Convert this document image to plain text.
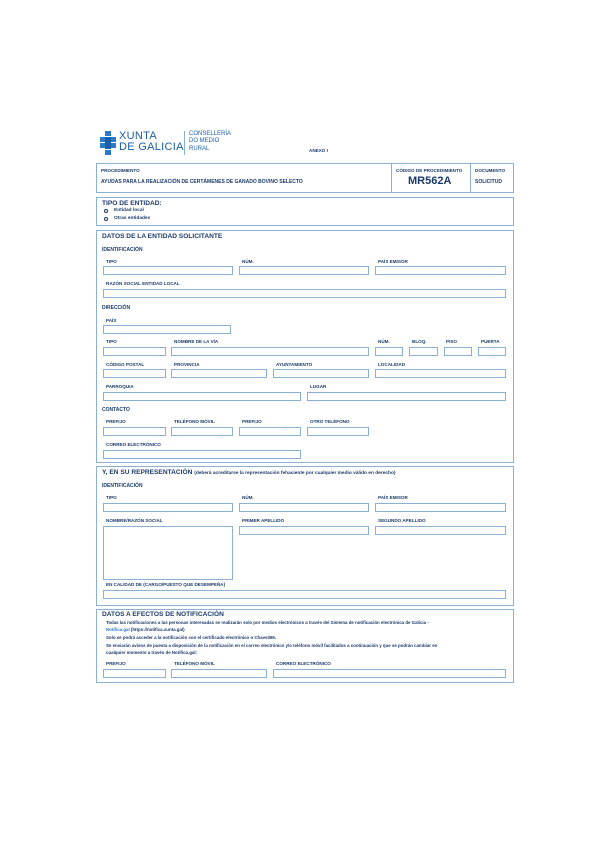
XUNTA
DE GALICIA
CONSELLERÍA
DO MEDIO
RURAL	ANEXO I
PROCEDIMIENTO
AYUDAS PARA LA REALIZACIÓN DE CERTÁMENES DE GANADO BOVINO SELECTO
CÓDIGO DE PROCEDIMIENTO
MR562A
DOCUMENTO
SOLICITUD
TIPO DE ENTIDAD:
Entidad local
Otras entidades
DATOS DE LA ENTIDAD SOLICITANTE
IDENTIFICACIÓN
TIPO	NÚM.	PAÍS EMISOR
RAZÓN SOCIAL ENTIDAD LOCAL
DIRECCIÓN
PAÍS
TIPO	NOMBRE DE LA VÍA	NÚM.	BLOQ.	PISO	PUERTA
CÓDIGO POSTAL	PROVINCIA	AYUNTAMIENTO	LOCALIDAD
PARROQUIA	LUGAR
CONTACTO
PREFIJO	TELÉFONO MÓVIL	PREFIJO	OTRO TELÉFONO
CORREO ELECTRÓNICO
Y, EN SU REPRESENTACIÓN (deberá acreditarse la representación fehaciente por cualquier medio válido en derecho)
IDENTIFICACIÓN
TIPO	NÚM.	PAÍS EMISOR
NOMBRE/RAZÓN SOCIAL	PRIMER APELLIDO	SEGUNDO APELLIDO
EN CALIDAD DE (CARGO/PUESTO QUE DESEMPEÑA)
DATOS A EFECTOS DE NOTIFICACIÓN
Todas las notificaciones a las personas interesadas se realizarán solo por medios electrónicos a través del Sistema de notificación electrónica de Galicia -
Notifica.gal (https://notifica.xunta.gal)
Solo se podrá acceder a la notificación con el certificado electrónico o Chave365.
Se enviarán avisos de puesta a disposición de la notificación en el correo electrónico y/o teléfono móvil facilitados a continuación y que se podrán cambiar en
cualquier momento a través de Notifica.gal:
PREFIJO	TELÉFONO MÓVIL	CORREO ELECTRÓNICO
